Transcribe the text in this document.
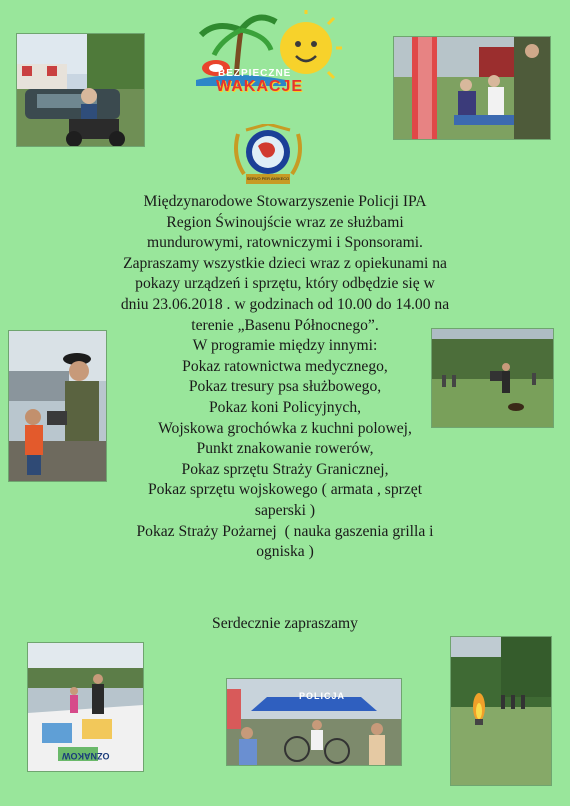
BEZPIECZNE
WAKACJE
SERVO PER AMIKECO
Międzynarodowe Stowarzyszenie Policji IPA
Region Świnoujście wraz ze służbami
mundurowymi, ratowniczymi i Sponsorami.
Zapraszamy wszystkie dzieci wraz z opiekunami na
pokazy urządzeń i sprzętu, który odbędzie się w
dniu 23.06.2018 . w godzinach od 10.00 do 14.00 na
terenie „Basenu Północnego”.
W programie między innymi:
Pokaz ratownictwa medycznego,
Pokaz tresury psa służbowego,
Pokaz koni Policyjnych,
Wojskowa grochówka z kuchni polowej,
Punkt znakowanie rowerów,
Pokaz sprzętu Straży Granicznej,
Pokaz sprzętu wojskowego ( armata , sprzęt
saperski )
Pokaz Straży Pożarnej  ( nauka gaszenia grilla i
ogniska )
Serdecznie zapraszamy
OZNAKOW
POLICJA
